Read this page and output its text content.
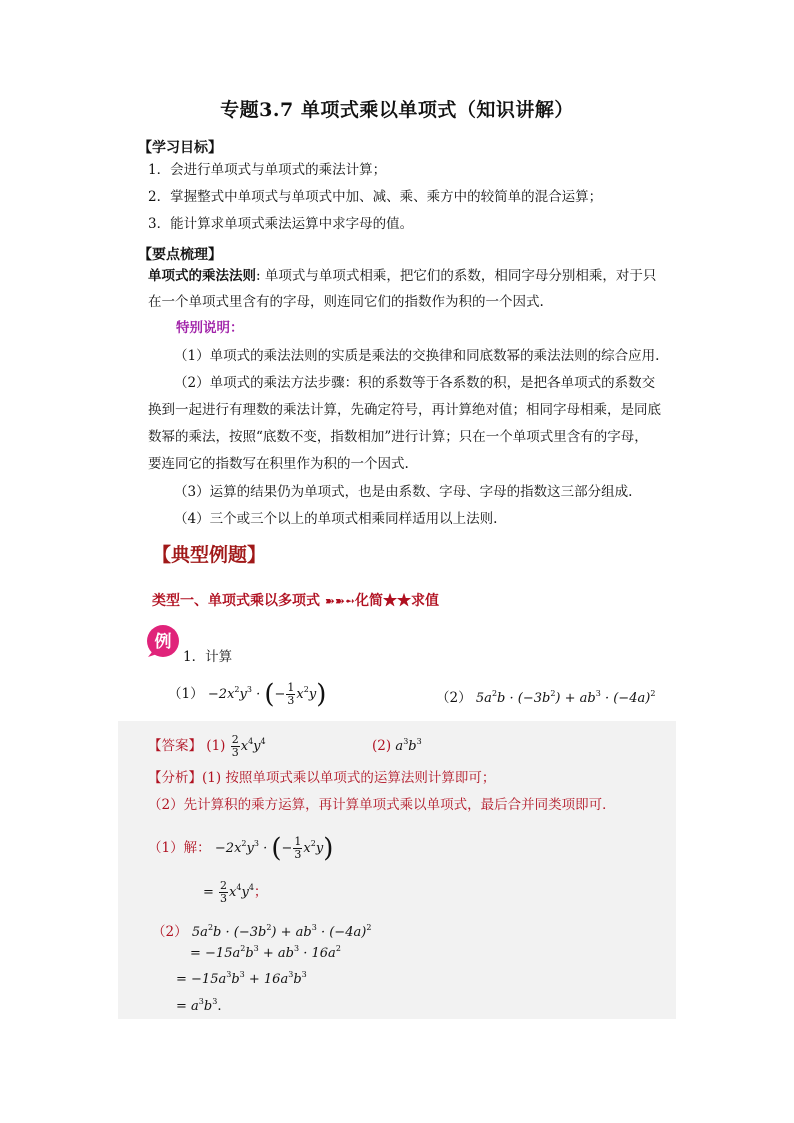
专题3.7 单项式乘以单项式（知识讲解）
【学习目标】
1．会进行单项式与单项式的乘法计算；
2．掌握整式中单项式与单项式中加、减、乘、乘方中的较简单的混合运算；
3．能计算求单项式乘法运算中求字母的值。
【要点梳理】
单项式的乘法法则: 单项式与单项式相乘，把它们的系数，相同字母分别相乘，对于只
在一个单项式里含有的字母，则连同它们的指数作为积的一个因式.
特别说明：
（1）单项式的乘法法则的实质是乘法的交换律和同底数幂的乘法法则的综合应用.
（2）单项式的乘法方法步骤：积的系数等于各系数的积，是把各单项式的系数交
换到一起进行有理数的乘法计算，先确定符号，再计算绝对值；相同字母相乘，是同底
数幂的乘法，按照“底数不变，指数相加”进行计算；只在一个单项式里含有的字母，
要连同它的指数写在积里作为积的一个因式.
（3）运算的结果仍为单项式，也是由系数、字母、字母的指数这三部分组成.
（4）三个或三个以上的单项式相乘同样适用以上法则.
【典型例题】
类型一、单项式乘以多项式 ➽➽➻化简★★求值
例
1．计算
$(1) -2x^2y^3$ · (− $\frac{1}{3} x^2y$)	（2） $5a^2b \cdot (-3b^2) + ab^3 \cdot (-4a)^2$
【答案】 $(1) \frac{2}{3} x^4y^4$	(2) $a^3b^3$
【分析】(1) 按照单项式乘以单项式的运算法则计算即可；
（2）先计算积的乘方运算，再计算单项式乘以单项式，最后合并同类项即可．
（1）解： $-2x^2y^3$ · (− $\frac{1}{3} x^2y$)
= $\frac{2}{3} x^4y^4$；
（2） $5a^2b \cdot (-3b^2) + ab^3 \cdot (-4a)^2$
= $-15a^2b^3 + ab^3 \cdot 16a^2$
= $-15a^3b^3 + 16a^3b^3$
= $a^3b^3$．
